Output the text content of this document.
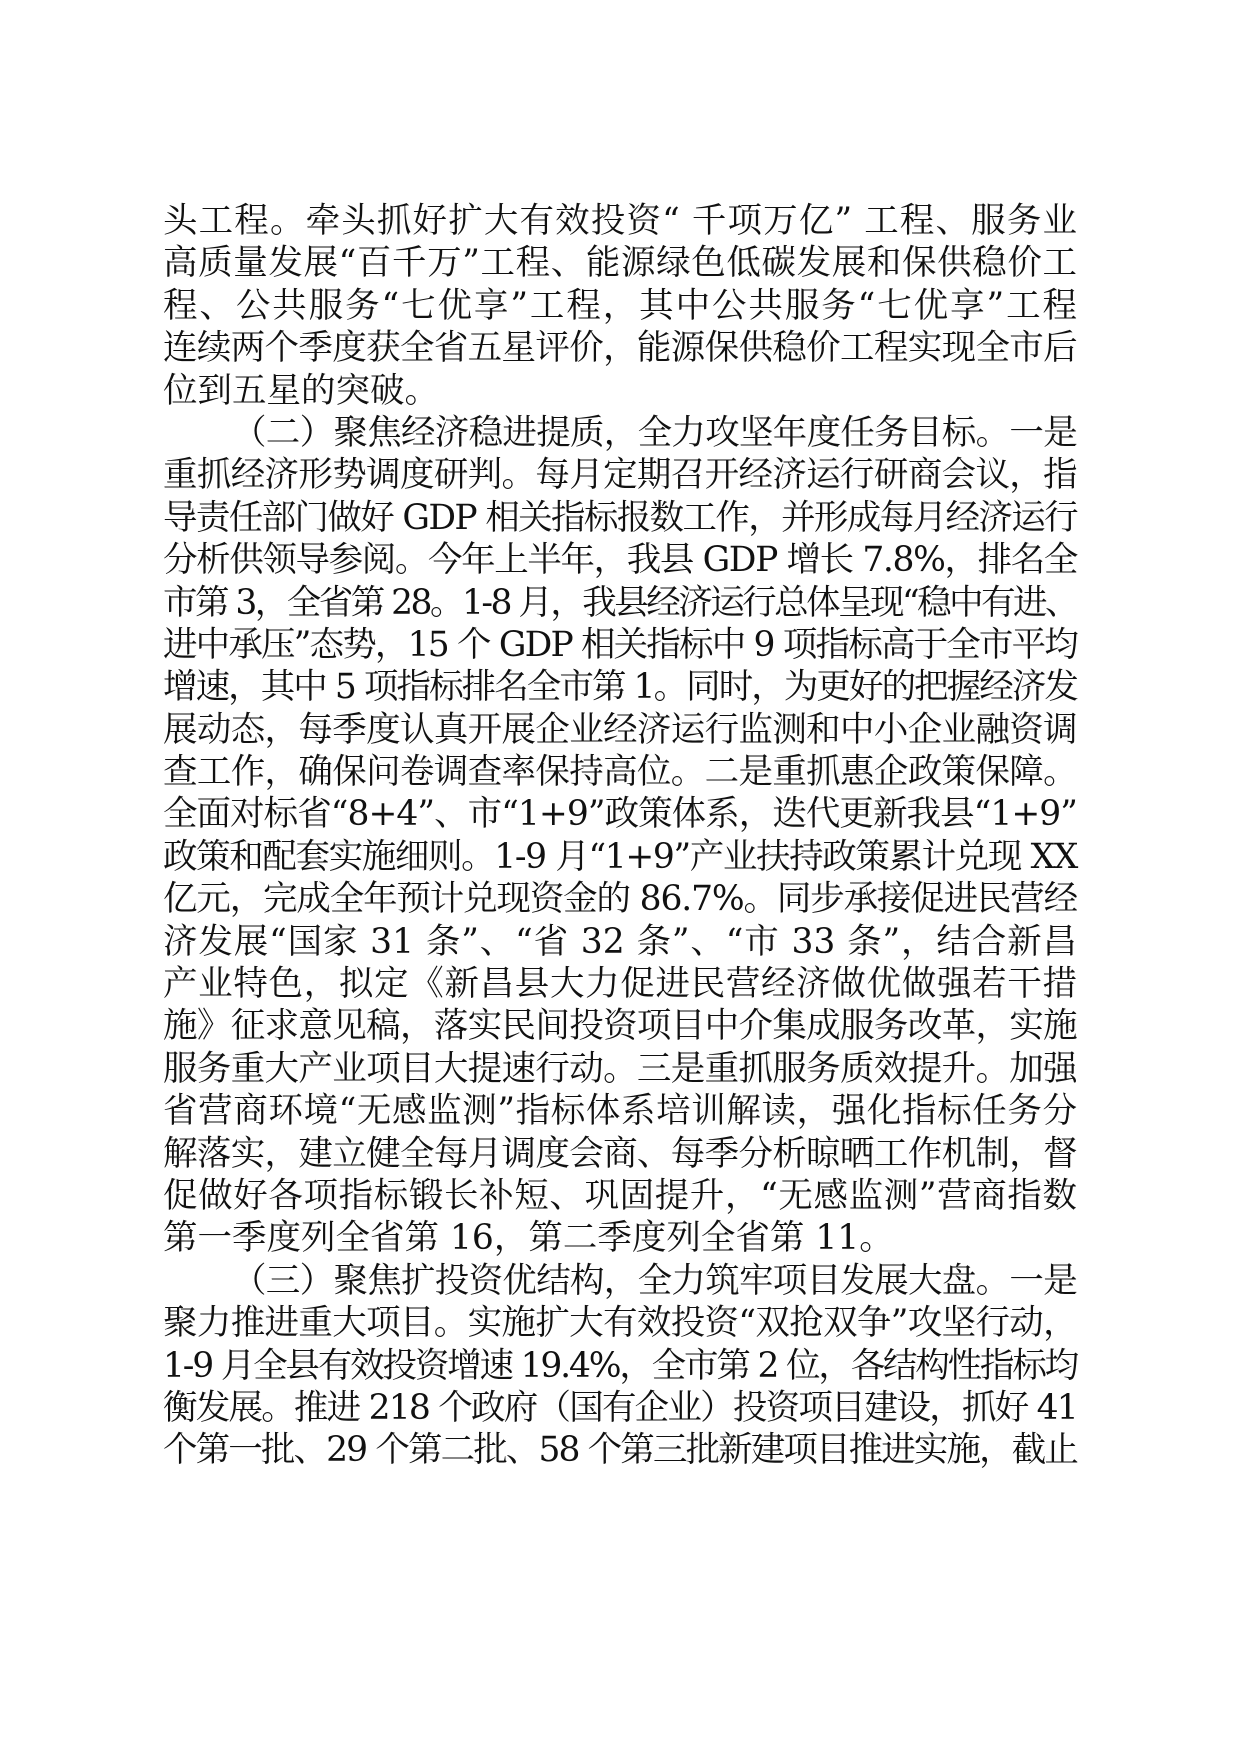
头工程。牵头抓好扩大有效投资“ 千项万亿” 工程、服务业
高质量发展“百千万”工程、能源绿色低碳发展和保供稳价工
程、公共服务“七优享”工程，其中公共服务“七优享”工程
连续两个季度获全省五星评价，能源保供稳价工程实现全市后
位到五星的突破。
（二）聚焦经济稳进提质，全力攻坚年度任务目标。一是
重抓经济形势调度研判。每月定期召开经济运行研商会议，指
导责任部门做好 GDP 相关指标报数工作，并形成每月经济运行
分析供领导参阅。今年上半年，我县 GDP 增长 7.8%，排名全
市第 3，全省第 28。1-8 月，我县经济运行总体呈现“稳中有进、
进中承压”态势，15 个 GDP 相关指标中 9 项指标高于全市平均
增速，其中 5 项指标排名全市第 1。同时，为更好的把握经济发
展动态，每季度认真开展企业经济运行监测和中小企业融资调
查工作，确保问卷调查率保持高位。二是重抓惠企政策保障。
全面对标省“8+4”、市“1+9”政策体系，迭代更新我县“1+9”
政策和配套实施细则。1-9 月“1+9”产业扶持政策累计兑现 XX
亿元，完成全年预计兑现资金的 86.7%。同步承接促进民营经
济发展“国家 31 条”、“省 32 条”、“市 33 条”，结合新昌
产业特色，拟定《新昌县大力促进民营经济做优做强若干措
施》征求意见稿，落实民间投资项目中介集成服务改革，实施
服务重大产业项目大提速行动。三是重抓服务质效提升。加强
省营商环境“无感监测”指标体系培训解读，强化指标任务分
解落实，建立健全每月调度会商、每季分析晾晒工作机制，督
促做好各项指标锻长补短、巩固提升，“无感监测”营商指数
第一季度列全省第 16，第二季度列全省第 11。
（三）聚焦扩投资优结构，全力筑牢项目发展大盘。一是
聚力推进重大项目。实施扩大有效投资“双抢双争”攻坚行动，
1-9 月全县有效投资增速 19.4%，全市第 2 位，各结构性指标均
衡发展。推进 218 个政府（国有企业）投资项目建设，抓好 41
个第一批、29 个第二批、58 个第三批新建项目推进实施，截止
